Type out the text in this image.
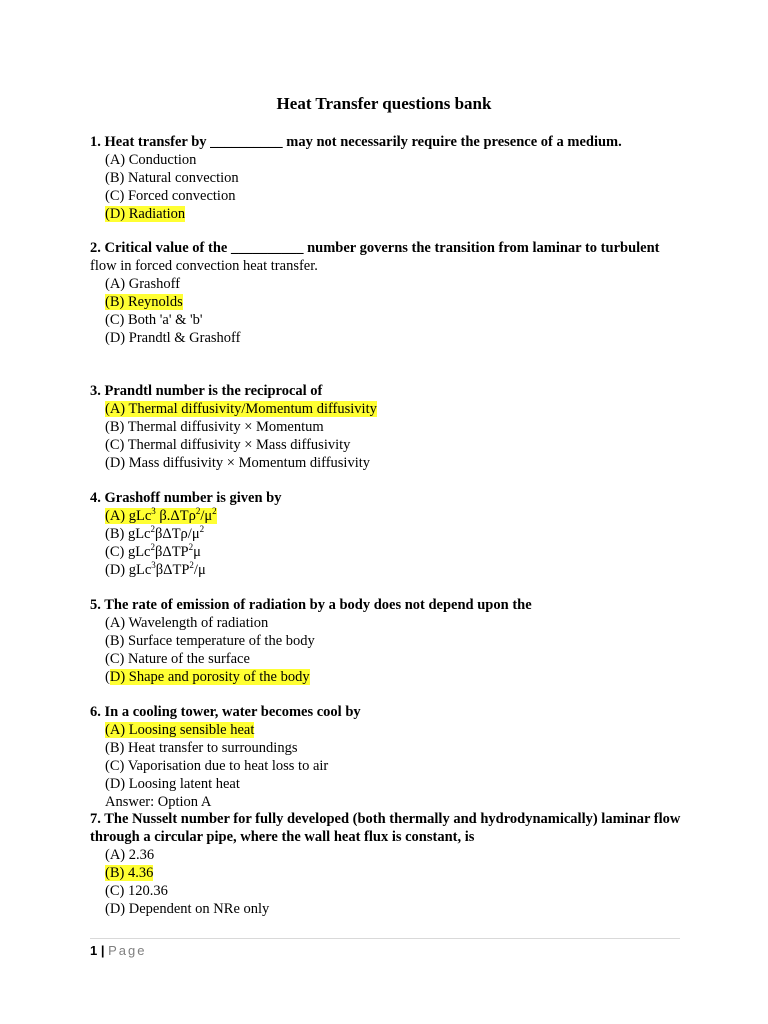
Heat Transfer questions bank
1. Heat transfer by __________ may not necessarily require the presence of a medium.
(A) Conduction
(B) Natural convection
(C) Forced convection
(D) Radiation
2. Critical value of the __________ number governs the transition from laminar to turbulent
flow in forced convection heat transfer.
(A) Grashoff
(B) Reynolds
(C) Both 'a' & 'b'
(D) Prandtl & Grashoff
3. Prandtl number is the reciprocal of
(A) Thermal diffusivity/Momentum diffusivity
(B) Thermal diffusivity × Momentum
(C) Thermal diffusivity × Mass diffusivity
(D) Mass diffusivity × Momentum diffusivity
4. Grashoff number is given by
(A) gLc$^3$ $\beta.\Delta T\rho^2/\mu^2$
(B) $gLc^2\beta\Delta T\rho/\mu^2$
(C) gLc$^2$βΔTP$^2$μ
(D) gLc$^3$βΔTP$^2$/μ
5. The rate of emission of radiation by a body does not depend upon the
(A) Wavelength of radiation
(B) Surface temperature of the body
(C) Nature of the surface
(D) Shape and porosity of the body
6. In a cooling tower, water becomes cool by
(A) Loosing sensible heat
(B) Heat transfer to surroundings
(C) Vaporisation due to heat loss to air
(D) Loosing latent heat
Answer: Option A
7. The Nusselt number for fully developed (both thermally and hydrodynamically) laminar flow through a circular pipe, where the wall heat flux is constant, is
(A) 2.36
(B) 4.36
(C) 120.36
(D) Dependent on NRe only
1 | Page
